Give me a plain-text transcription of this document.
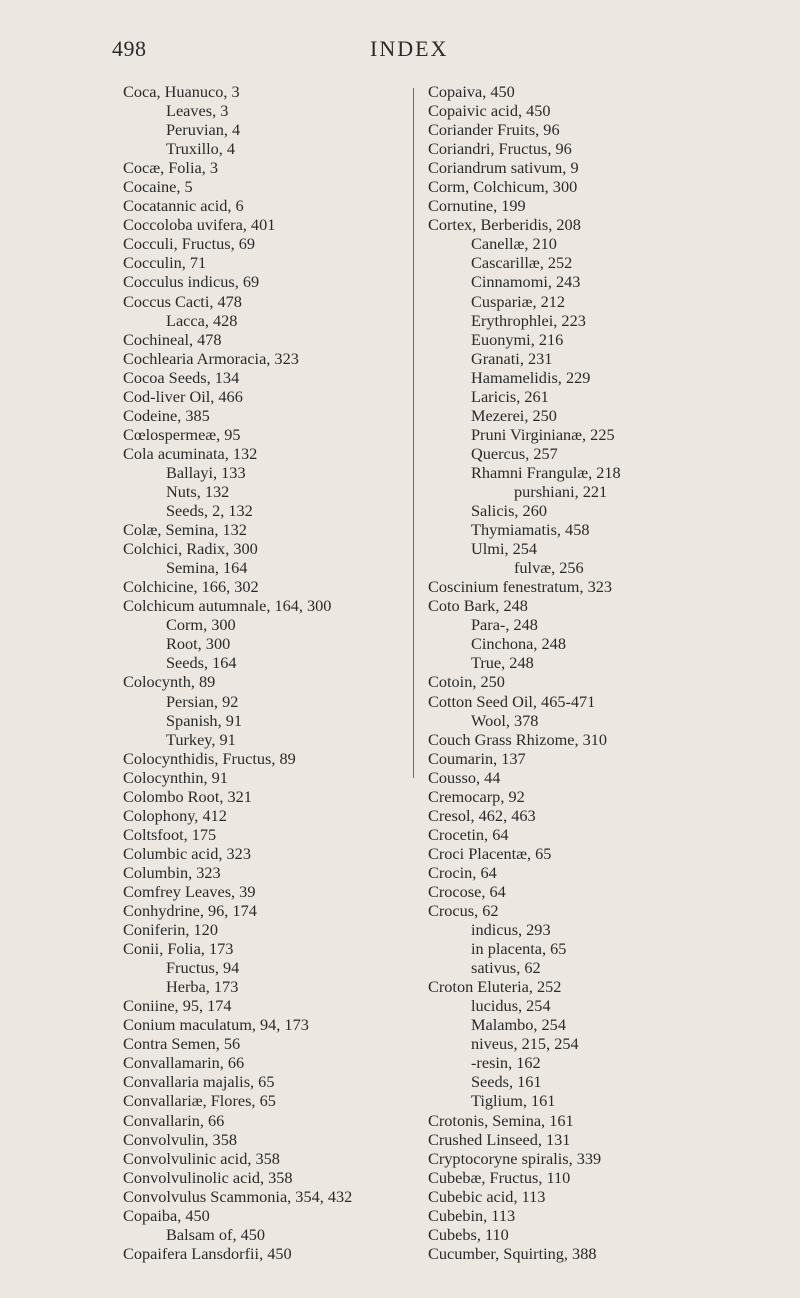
498	INDEX
Coca, Huanuco, 3
Leaves, 3
Peruvian, 4
Truxillo, 4
Cocæ, Folia, 3
Cocaine, 5
Cocatannic acid, 6
Coccoloba uvifera, 401
Cocculi, Fructus, 69
Cocculin, 71
Cocculus indicus, 69
Coccus Cacti, 478
Lacca, 428
Cochineal, 478
Cochlearia Armoracia, 323
Cocoa Seeds, 134
Cod-liver Oil, 466
Codeine, 385
Cœlospermeæ, 95
Cola acuminata, 132
Ballayi, 133
Nuts, 132
Seeds, 2, 132
Colæ, Semina, 132
Colchici, Radix, 300
Semina, 164
Colchicine, 166, 302
Colchicum autumnale, 164, 300
Corm, 300
Root, 300
Seeds, 164
Colocynth, 89
Persian, 92
Spanish, 91
Turkey, 91
Colocynthidis, Fructus, 89
Colocynthin, 91
Colombo Root, 321
Colophony, 412
Coltsfoot, 175
Columbic acid, 323
Columbin, 323
Comfrey Leaves, 39
Conhydrine, 96, 174
Coniferin, 120
Conii, Folia, 173
Fructus, 94
Herba, 173
Coniine, 95, 174
Conium maculatum, 94, 173
Contra Semen, 56
Convallamarin, 66
Convallaria majalis, 65
Convallariæ, Flores, 65
Convallarin, 66
Convolvulin, 358
Convolvulinic acid, 358
Convolvulinolic acid, 358
Convolvulus Scammonia, 354, 432
Copaiba, 450
Balsam of, 450
Copaifera Lansdorfii, 450
Copaiva, 450
Copaivic acid, 450
Coriander Fruits, 96
Coriandri, Fructus, 96
Coriandrum sativum, 9
Corm, Colchicum, 300
Cornutine, 199
Cortex, Berberidis, 208
Canellæ, 210
Cascarillæ, 252
Cinnamomi, 243
Cuspariæ, 212
Erythrophlei, 223
Euonymi, 216
Granati, 231
Hamamelidis, 229
Laricis, 261
Mezerei, 250
Pruni Virginianæ, 225
Quercus, 257
Rhamni Frangulæ, 218
purshiani, 221
Salicis, 260
Thymiamatis, 458
Ulmi, 254
fulvæ, 256
Coscinium fenestratum, 323
Coto Bark, 248
Para-, 248
Cinchona, 248
True, 248
Cotoin, 250
Cotton Seed Oil, 465-471
Wool, 378
Couch Grass Rhizome, 310
Coumarin, 137
Cousso, 44
Cremocarp, 92
Cresol, 462, 463
Crocetin, 64
Croci Placentæ, 65
Crocin, 64
Crocose, 64
Crocus, 62
indicus, 293
in placenta, 65
sativus, 62
Croton Eluteria, 252
lucidus, 254
Malambo, 254
niveus, 215, 254
-resin, 162
Seeds, 161
Tiglium, 161
Crotonis, Semina, 161
Crushed Linseed, 131
Cryptocoryne spiralis, 339
Cubebæ, Fructus, 110
Cubebic acid, 113
Cubebin, 113
Cubebs, 110
Cucumber, Squirting, 388
